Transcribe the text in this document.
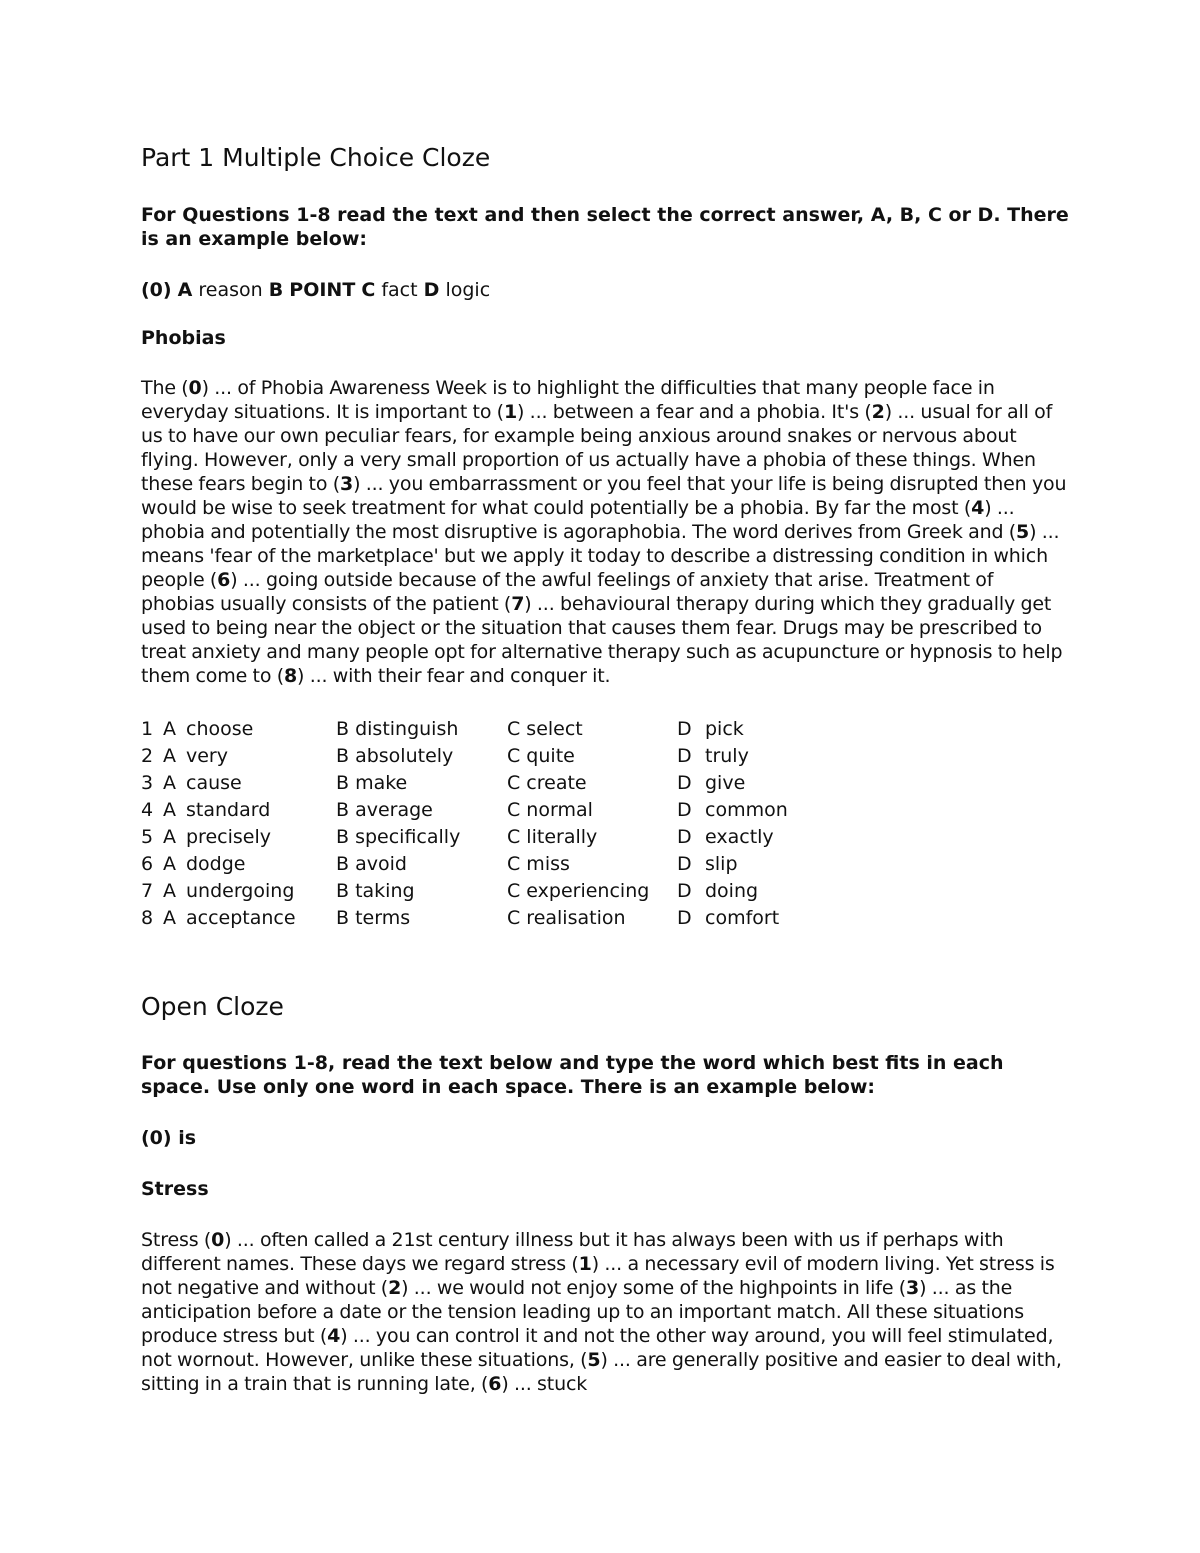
Part 1 Multiple Choice Cloze

For Questions 1-8 read the text and then select the correct answer, A, B, C or D. There is an example below:

(0) A reason B POINT C fact D logic

Phobias

The (0) ... of Phobia Awareness Week is to highlight the difficulties that many people face in everyday situations. It is important to (1) ... between a fear and a phobia. It's (2) ... usual for all of us to have our own peculiar fears, for example being anxious around snakes or nervous about flying. However, only a very small proportion of us actually have a phobia of these things. When these fears begin to (3) ... you embarrassment or you feel that your life is being disrupted then you would be wise to seek treatment for what could potentially be a phobia. By far the most (4) ... phobia and potentially the most disruptive is agoraphobia. The word derives from Greek and (5) ... means 'fear of the marketplace' but we apply it today to describe a distressing condition in which people (6) ... going outside because of the awful feelings of anxiety that arise. Treatment of phobias usually consists of the patient (7) ... behavioural therapy during which they gradually get used to being near the object or the situation that causes them fear. Drugs may be prescribed to treat anxiety and many people opt for alternative therapy such as acupuncture or hypnosis to help them come to (8) ... with their fear and conquer it.

1 A choose	B distinguish	C select	D pick
2 A very	B absolutely	C quite	D truly
3 A cause	B make	C create	D give
4 A standard	B average	C normal	D common
5 A precisely	B specifically	C literally	D exactly
6 A dodge	B avoid	C miss	D slip
7 A undergoing	B taking	C experiencing	D doing
8 A acceptance	B terms	C realisation	D comfort
Open Cloze

For questions 1-8, read the text below and type the word which best fits in each space. Use only one word in each space. There is an example below:

(0) is

Stress

Stress (0) ... often called a 21st century illness but it has always been with us if perhaps with different names. These days we regard stress (1) ... a necessary evil of modern living. Yet stress is not negative and without (2) ... we would not enjoy some of the highpoints in life (3) ... as the anticipation before a date or the tension leading up to an important match. All these situations produce stress but (4) ... you can control it and not the other way around, you will feel stimulated, not wornout. However, unlike these situations, (5) ... are generally positive and easier to deal with, sitting in a train that is running late, (6) ... stuck
